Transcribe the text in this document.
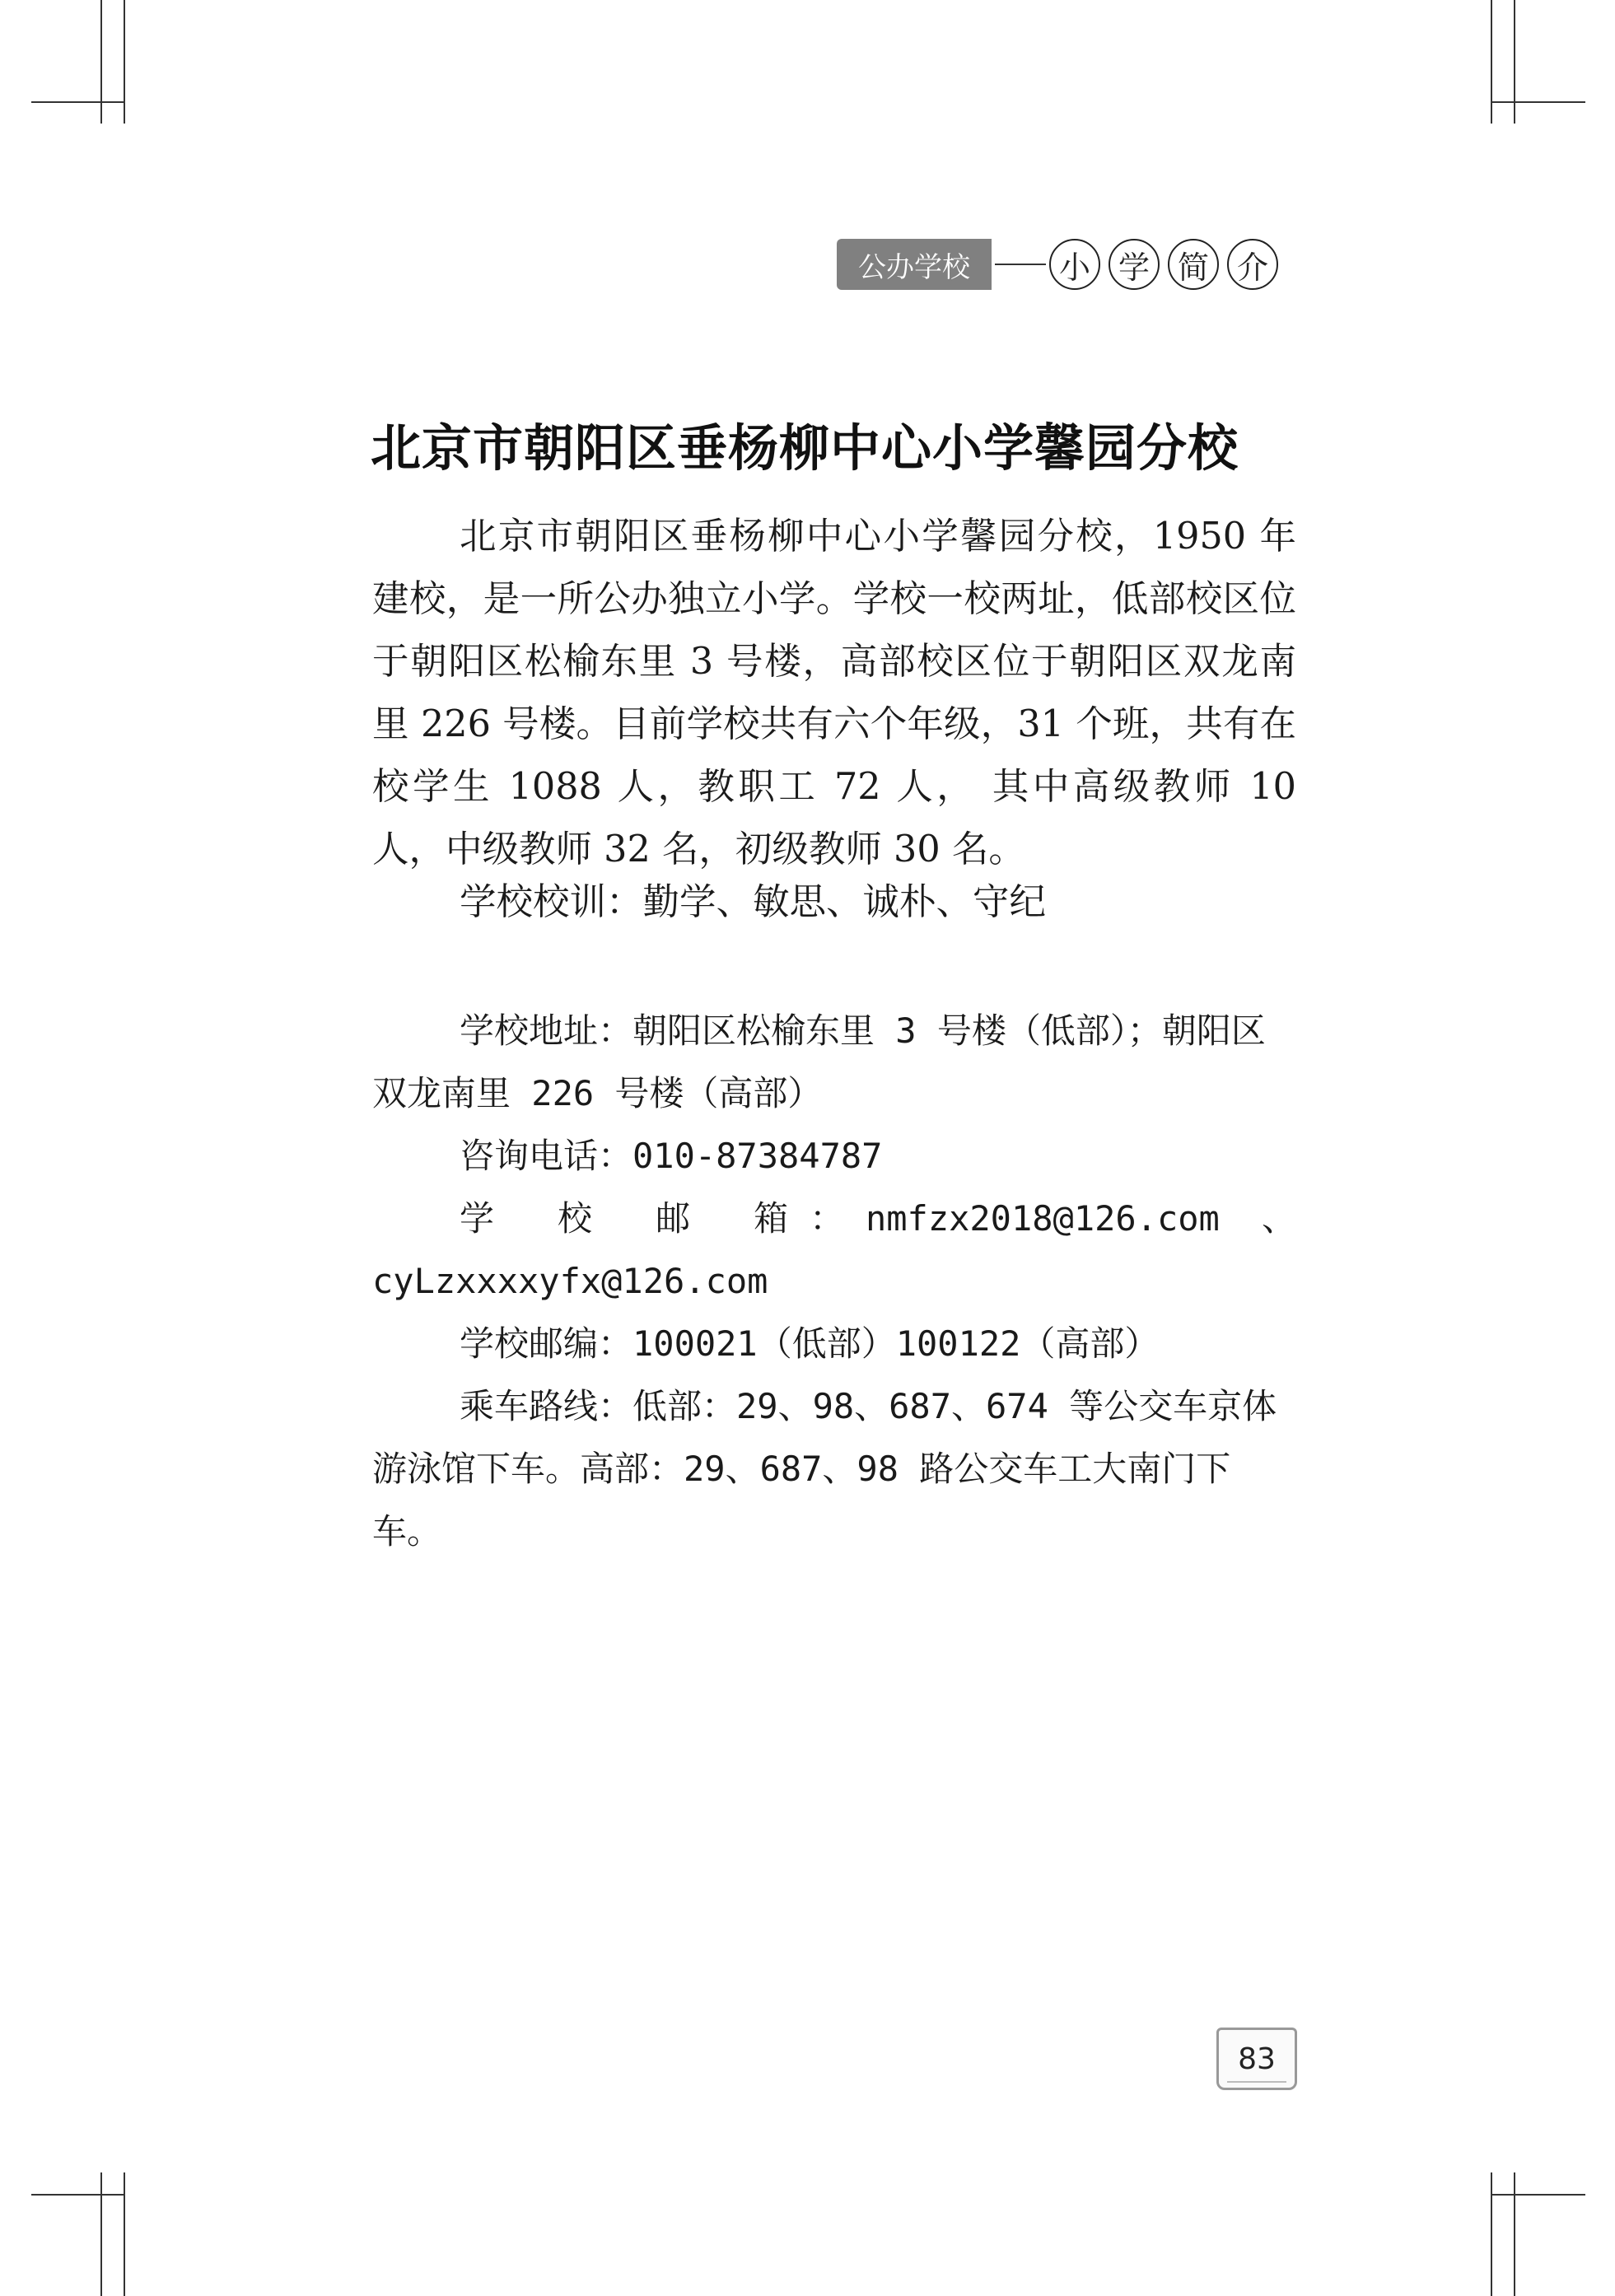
公办学校	小 学 简 介
北京市朝阳区垂杨柳中心小学馨园分校

北京市朝阳区垂杨柳中心小学馨园分校，1950 年建校，是一所公办独立小学。学校一校两址，低部校区位于朝阳区松榆东里 3 号楼，高部校区位于朝阳区双龙南里 226 号楼。目前学校共有六个年级，31 个班，共有在校学生 1088 人，教职工 72 人， 其中高级教师 10 人，中级教师 32 名，初级教师 30 名。

学校校训：勤学、敏思、诚朴、守纪

学校地址：朝阳区松榆东里 3 号楼（低部）；朝阳区双龙南里 226 号楼（高部）

咨询电话：010-87384787

学 校 邮 箱：nmfzx2018@126.com 、

cyLzxxxxyfx@126.com

学校邮编：100021（低部）100122（高部）

乘车路线：低部：29、98、687、674 等公交车京体游泳馆下车。高部：29、687、98 路公交车工大南门下车。

83
